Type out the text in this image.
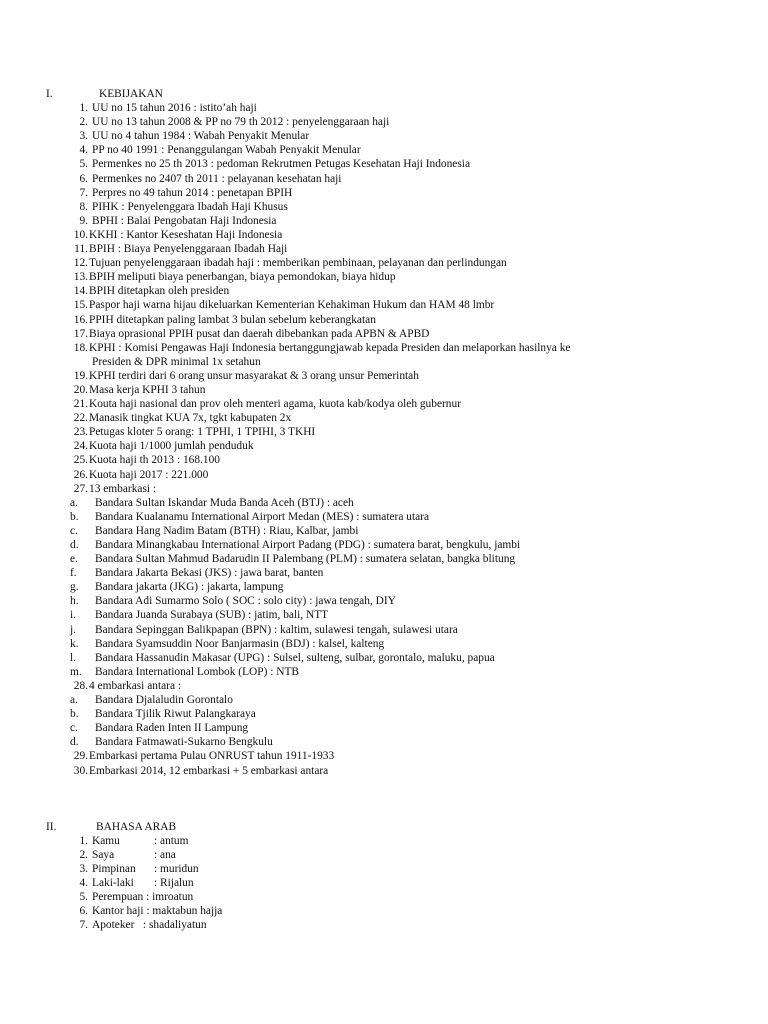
I.	KEBIJAKAN
1. UU no 15 tahun 2016 : istito’ah haji
2. UU no 13 tahun 2008 & PP no 79 th 2012 : penyelenggaraan haji
3. UU no 4 tahun 1984 : Wabah Penyakit Menular
4. PP no 40 1991 : Penanggulangan Wabah Penyakit Menular
5. Permenkes no 25 th 2013 : pedoman Rekrutmen Petugas Kesehatan Haji Indonesia
6. Permenkes no 2407 th 2011 : pelayanan kesehatan haji
7. Perpres no 49 tahun 2014 : penetapan BPIH
8. PIHK : Penyelenggara Ibadah Haji Khusus
9. BPHI : Balai Pengobatan Haji Indonesia
10. KKHI : Kantor Keseshatan Haji Indonesia
11. BPIH : Biaya Penyelenggaraan Ibadah Haji
12. Tujuan penyelenggaraan ibadah haji : memberikan pembinaan, pelayanan dan perlindungan
13. BPIH meliputi biaya penerbangan, biaya pemondokan, biaya hidup
14. BPIH ditetapkan oleh presiden
15. Paspor haji warna hijau dikeluarkan Kementerian Kehakiman Hukum dan HAM 48 lmbr
16. PPIH ditetapkan paling lambat 3 bulan sebelum keberangkatan
17. Biaya oprasional PPIH pusat dan daerah dibebankan pada APBN & APBD
18. KPHI : Komisi Pengawas Haji Indonesia bertanggungjawab kepada Presiden dan melaporkan hasilnya ke
Presiden & DPR minimal 1x setahun
19. KPHI terdiri dari 6 orang unsur masyarakat & 3 orang unsur Pemerintah
20. Masa kerja KPHI 3 tahun
21. Kouta haji nasional dan prov oleh menteri agama, kuota kab/kodya oleh gubernur
22. Manasik tingkat KUA 7x, tgkt kabupaten 2x
23. Petugas kloter 5 orang: 1 TPHI, 1 TPIHI, 3 TKHI
24. Kuota haji 1/1000 jumlah penduduk
25. Kuota haji th 2013 : 168.100
26. Kuota haji 2017 : 221.000
27. 13 embarkasi :
a. Bandara Sultan Iskandar Muda Banda Aceh (BTJ) : aceh
b. Bandara Kualanamu International Airport Medan (MES) : sumatera utara
c. Bandara Hang Nadim Batam (BTH) : Riau, Kalbar, jambi
d. Bandara Minangkabau International Airport Padang (PDG) : sumatera barat, bengkulu, jambi
e. Bandara Sultan Mahmud Badarudin II Palembang (PLM) : sumatera selatan, bangka blitung
f. Bandara Jakarta Bekasi (JKS) : jawa barat, banten
g. Bandara jakarta (JKG) : jakarta, lampung
h. Bandara Adi Sumarmo Solo ( SOC : solo city) : jawa tengah, DIY
i. Bandara Juanda Surabaya (SUB) : jatim, bali, NTT
j. Bandara Sepinggan Balikpapan (BPN) : kaltim, sulawesi tengah, sulawesi utara
k. Bandara Syamsuddin Noor Banjarmasin (BDJ) : kalsel, kalteng
l. Bandara Hassanudin Makasar (UPG) : Sulsel, sulteng, sulbar, gorontalo, maluku, papua
m. Bandara International Lombok (LOP) : NTB
28. 4 embarkasi antara :
a. Bandara Djalaludin Gorontalo
b. Bandara Tjilik Riwut Palangkaraya
c. Bandara Raden Inten II Lampung
d. Bandara Fatmawati-Sukarno Bengkulu
29. Embarkasi pertama Pulau ONRUST tahun 1911-1933
30. Embarkasi 2014, 12 embarkasi + 5 embarkasi antara
II.	BAHASA ARAB
1. Kamu	: antum
2. Saya	: ana
3. Pimpinan : muridun
4. Laki-laki : Rijalun
5. Perempuan : imroatun
6. Kantor haji : maktabun hajja
7. Apoteker   : shadaliyatun
